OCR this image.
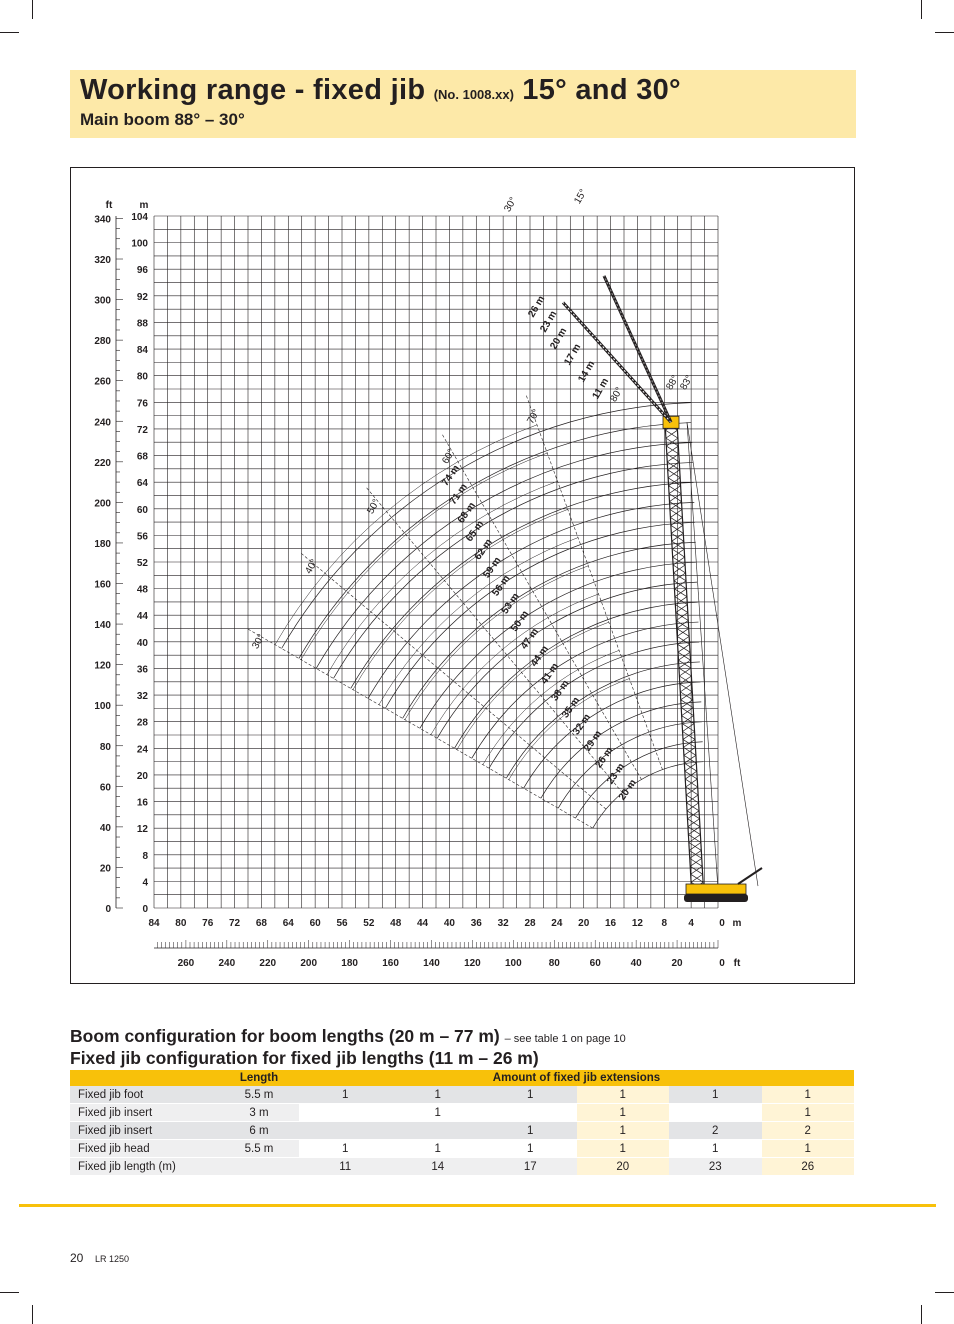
Working range - fixed jib (No. 1008.xx) 15° and 30°
Main boom 88° – 30°
ft	m
0
20
40
60
80
100
120
140
160
180
200
220
240
260
280
300
320
340
0
4
8
12
16
20
24
28
32
36
40
44
48
52
56
60
64
68
72
76
80
84
88
92
96
100
104
84 80 76 72 68 64 60 56 52 48 44 40 36 32 28 24 20 16 12 8 4	0 m
260 240 220 200 180 160 140 120 100	80	60	40	20	0 ft
74 m
71 m
68 m
65 m
62 m
59 m
56 m
53 m
50 m
47 m
44 m
41 m
38 m
35 m
32 m
29 m
26 m
23 m
20 m
30°
40°
50°
60°
70°
80°
88°
83°
30°	15°
26 m
23 m
20 m
17 m
14 m
11 m
Boom configuration for boom lengths (20 m – 77 m) – see table 1 on page 10
Fixed jib configuration for fixed jib lengths (11 m – 26 m)
	Length	Amount of fixed jib extensions					
Fixed jib foot	5.5 m	1	1	1	1	1	1
Fixed jib insert	3 m		1		1		1
Fixed jib insert	6 m			1	1	2	2
Fixed jib head	5.5 m	1	1	1	1	1	1
Fixed jib length (m)		11	14	17	20	23	26
20 LR 1250
